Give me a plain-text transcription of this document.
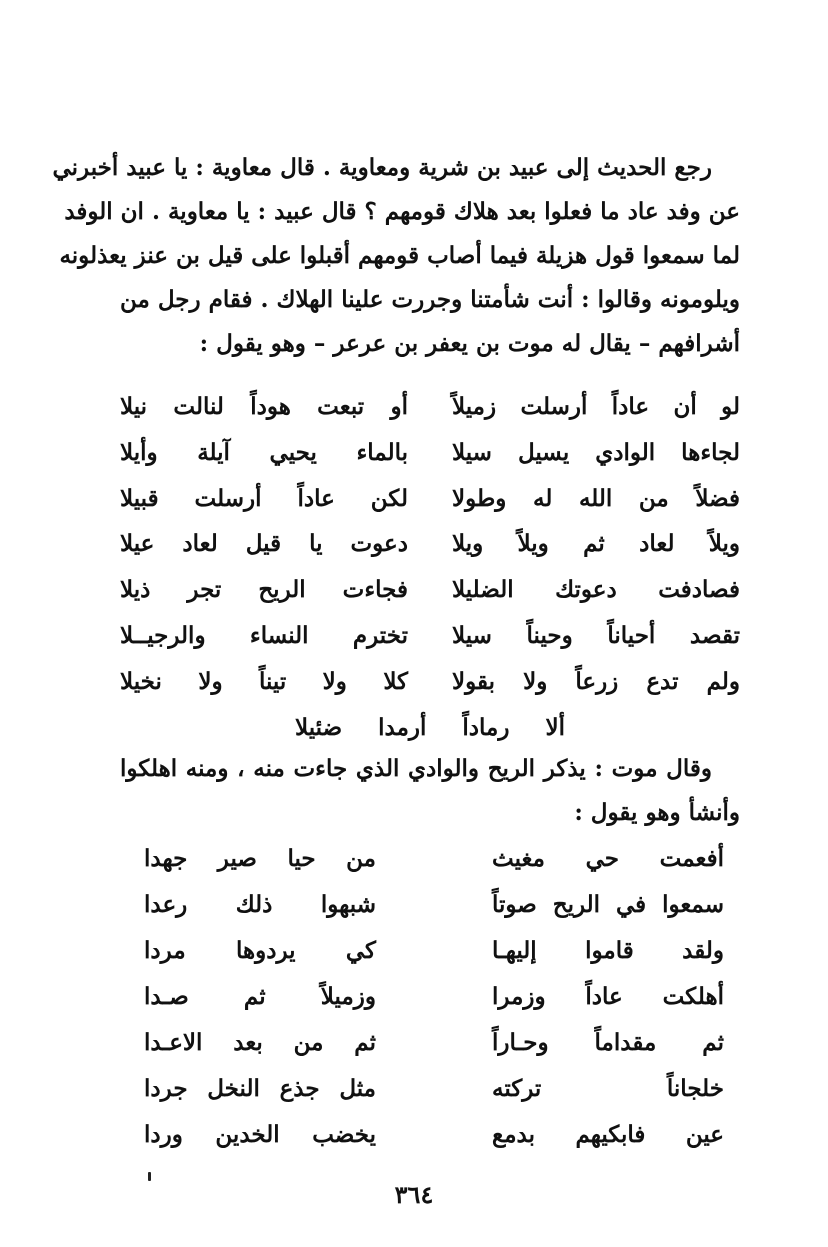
رجع الحديث إلى عبيد بن شرية ومعاوية . قال معاوية : يا عبيد أخبرني
عن وفد عاد ما فعلوا بعد هلاك قومهم ؟ قال عبيد : يا معاوية . ان الوفد
لما سمعوا قول هزيلة فيما أصاب قومهم أقبلوا على قيل بن عنز يعذلونه
ويلومونه وقالوا : أنت شأمتنا وجررت علينا الهلاك . فقام رجل من
أشرافهم – يقال له موت بن يعفر بن عرعر – وهو يقول :
لو أن عاداً أرسلت زميلاً
أو تبعت هوداً لنالت نيلا
لجاءها الوادي يسيل سيلا
بالماء يحيي آيلة وأيلا
فضلاً من الله له وطولا
لكن عاداً أرسلت قبيلا
ويلاً لعاد ثم ويلاً ويلا
دعوت يا قيل لعاد عيلا
فصادفت دعوتك الضليلا
فجاءت الريح تجر ذيلا
تقصد أحياناً وحيناً سيلا
تخترم النساء والرجيــلا
ولم تدع زرعاً ولا بقولا
كلا ولا تيناً ولا نخيلا
ألا رماداً أرمدا ضئيلا
وقال موت : يذكر الريح والوادي الذي جاءت منه ، ومنه اهلكوا
وأنشأ وهو يقول :
أفعمت حي مغيث
من حيا صير جهدا
سمعوا في الريح صوتاً
شبهوا ذلك رعدا
ولقد قاموا إليهـا
كي يردوها مردا
أهلكت عاداً وزمرا
وزميلاً ثم صـدا
ثم مقداماً وحـاراً
ثم من بعد الاعـدا
خلجاناً تركته
مثل جذع النخل جردا
عين فابكيهم بدمع
يخضب الخدين وردا
٣٦٤
